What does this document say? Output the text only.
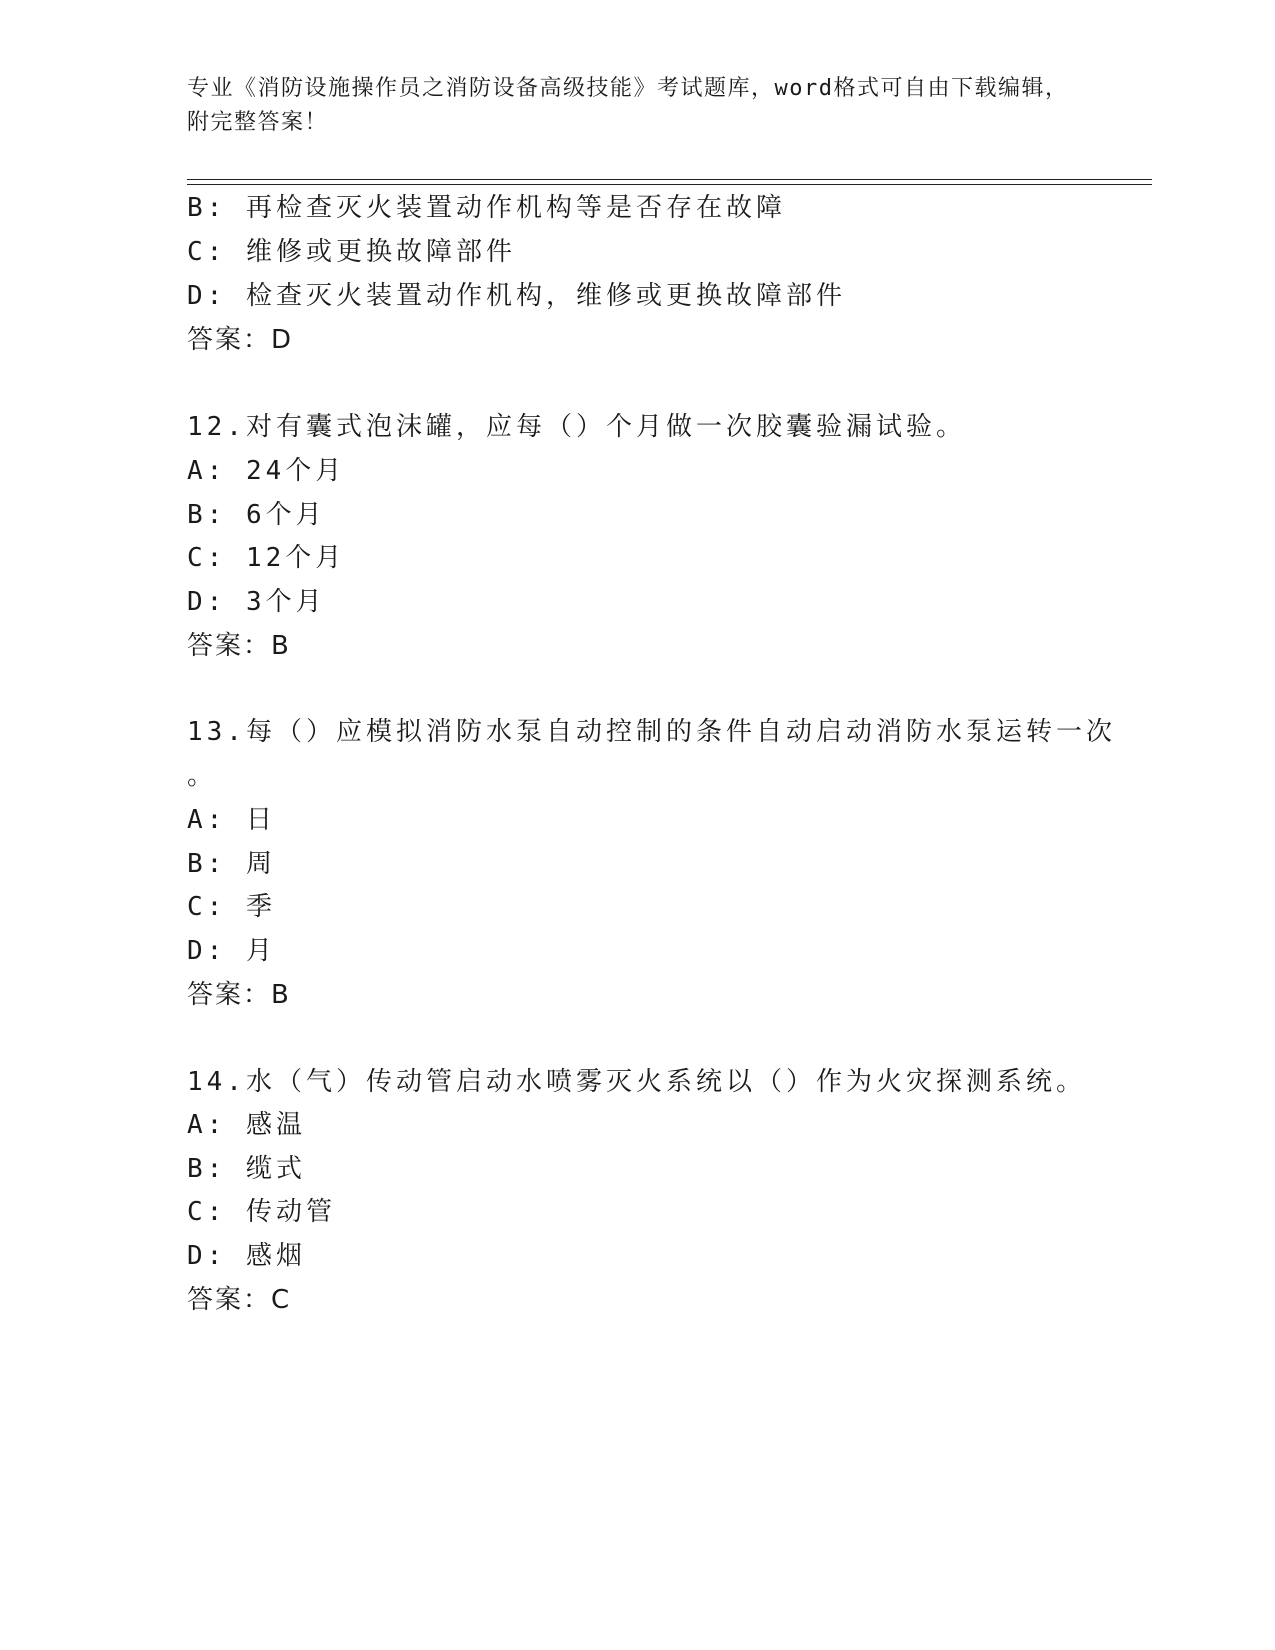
专业《消防设施操作员之消防设备高级技能》考试题库，word格式可自由下载编辑，附完整答案！
B: 再检查灭火装置动作机构等是否存在故障
C: 维修或更换故障部件
D: 检查灭火装置动作机构，维修或更换故障部件
答案：D
12.对有囊式泡沫罐，应每（）个月做一次胶囊验漏试验。
A: 24个月
B: 6个月
C: 12个月
D: 3个月
答案：B
13.每（）应模拟消防水泵自动控制的条件自动启动消防水泵运转一次
。
A: 日
B: 周
C: 季
D: 月
答案：B
14.水（气）传动管启动水喷雾灭火系统以（）作为火灾探测系统。
A: 感温
B: 缆式
C: 传动管
D: 感烟
答案：C
